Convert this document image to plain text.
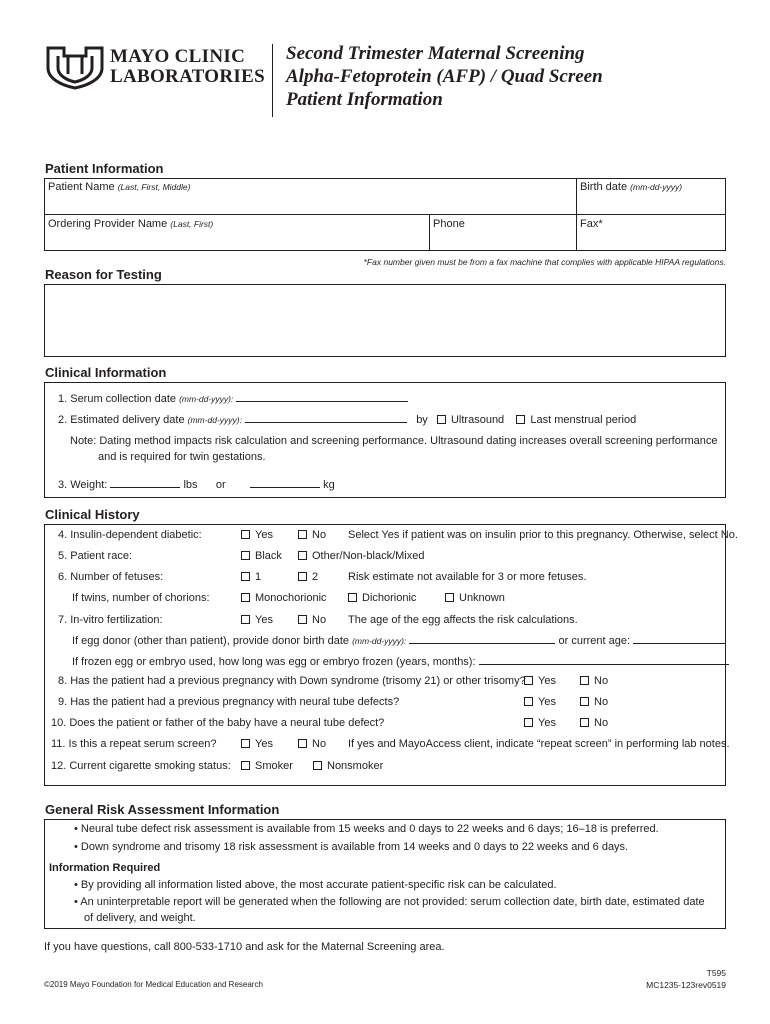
MAYO CLINIC
LABORATORIES
Second Trimester Maternal Screening
Alpha-Fetoprotein (AFP) / Quad Screen
Patient Information
Patient Information
Patient Name (Last, First, Middle)	Birth date (mm-dd-yyyy)
Ordering Provider Name (Last, First)	Phone	Fax*
*Fax number given must be from a fax machine that complies with applicable HIPAA regulations.
Reason for Testing
Clinical Information
1. Serum collection date (mm-dd-yyyy):
2. Estimated delivery date (mm-dd-yyyy):	by Ultrasound Last menstrual period
Note: Dating method impacts risk calculation and screening performance. Ultrasound dating increases overall screening performance
and is required for twin gestations.
3. Weight:	lbs or	kg
Clinical History
4. Insulin-dependent diabetic:	Yes	No Select Yes if patient was on insulin prior to this pregnancy. Otherwise, select No.
5. Patient race:	Black	Other/Non-black/Mixed
6. Number of fetuses:	1	2	Risk estimate not available for 3 or more fetuses.
If twins, number of chorions:	Monochorionic	Dichorionic	Unknown
7. In-vitro fertilization:	Yes	No The age of the egg affects the risk calculations.
If egg donor (other than patient), provide donor birth date (mm-dd-yyyy):	or current age:
If frozen egg or embryo used, how long was egg or embryo frozen (years, months):
8. Has the patient had a previous pregnancy with Down syndrome (trisomy 21) or other trisomy?	Yes	No
9. Has the patient had a previous pregnancy with neural tube defects?	Yes	No
10. Does the patient or father of the baby have a neural tube defect?	Yes	No
11. Is this a repeat serum screen?	Yes	No If yes and MayoAccess client, indicate “repeat screen” in performing lab notes.
12. Current cigarette smoking status:	Smoker	Nonsmoker
General Risk Assessment Information
• Neural tube defect risk assessment is available from 15 weeks and 0 days to 22 weeks and 6 days; 16–18 is preferred.
• Down syndrome and trisomy 18 risk assessment is available from 14 weeks and 0 days to 22 weeks and 6 days.
Information Required
• By providing all information listed above, the most accurate patient-specific risk can be calculated.
• An uninterpretable report will be generated when the following are not provided: serum collection date, birth date, estimated date
of delivery, and weight.
If you have questions, call 800-533-1710 and ask for the Maternal Screening area.
©2019 Mayo Foundation for Medical Education and Research
T595
MC1235-123rev0519
